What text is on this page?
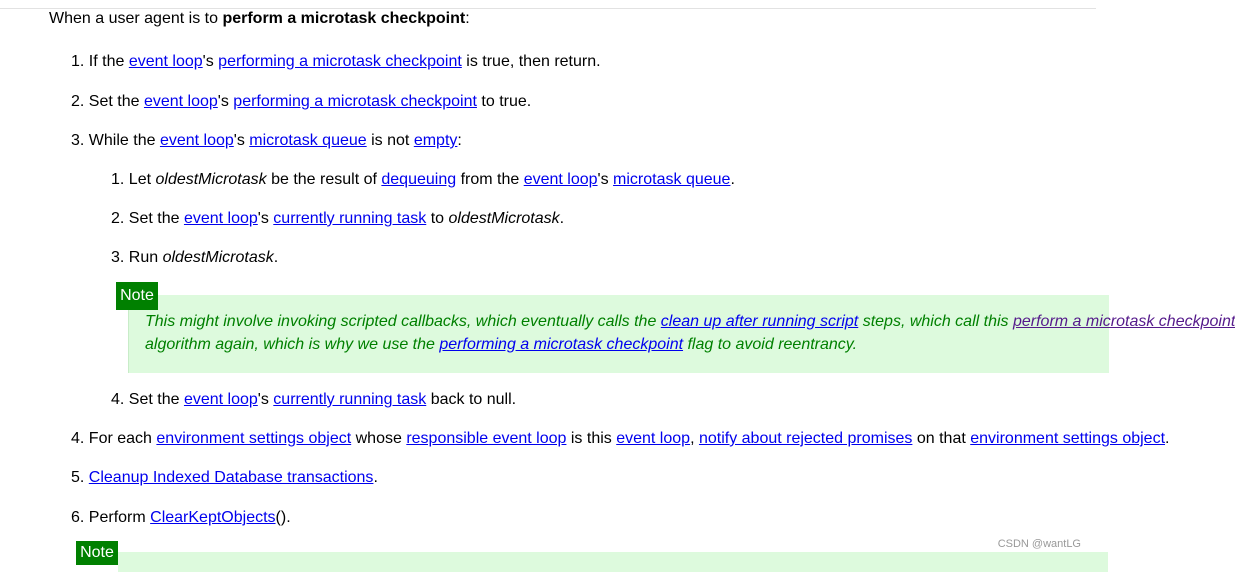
When a user agent is to perform a microtask checkpoint:
1. If the event loop's performing a microtask checkpoint is true, then return.
2. Set the event loop's performing a microtask checkpoint to true.
3. While the event loop's microtask queue is not empty:
1. Let oldestMicrotask be the result of dequeuing from the event loop's microtask queue.
2. Set the event loop's currently running task to oldestMicrotask.
3. Run oldestMicrotask.
Note
This might involve invoking scripted callbacks, which eventually calls the clean up after running script steps, which call this perform a microtask checkpoint
algorithm again, which is why we use the performing a microtask checkpoint flag to avoid reentrancy.
4. Set the event loop's currently running task back to null.
4. For each environment settings object whose responsible event loop is this event loop, notify about rejected promises on that environment settings object.
5. Cleanup Indexed Database transactions.
6. Perform ClearKeptObjects().
Note	CSDN @wantLG
